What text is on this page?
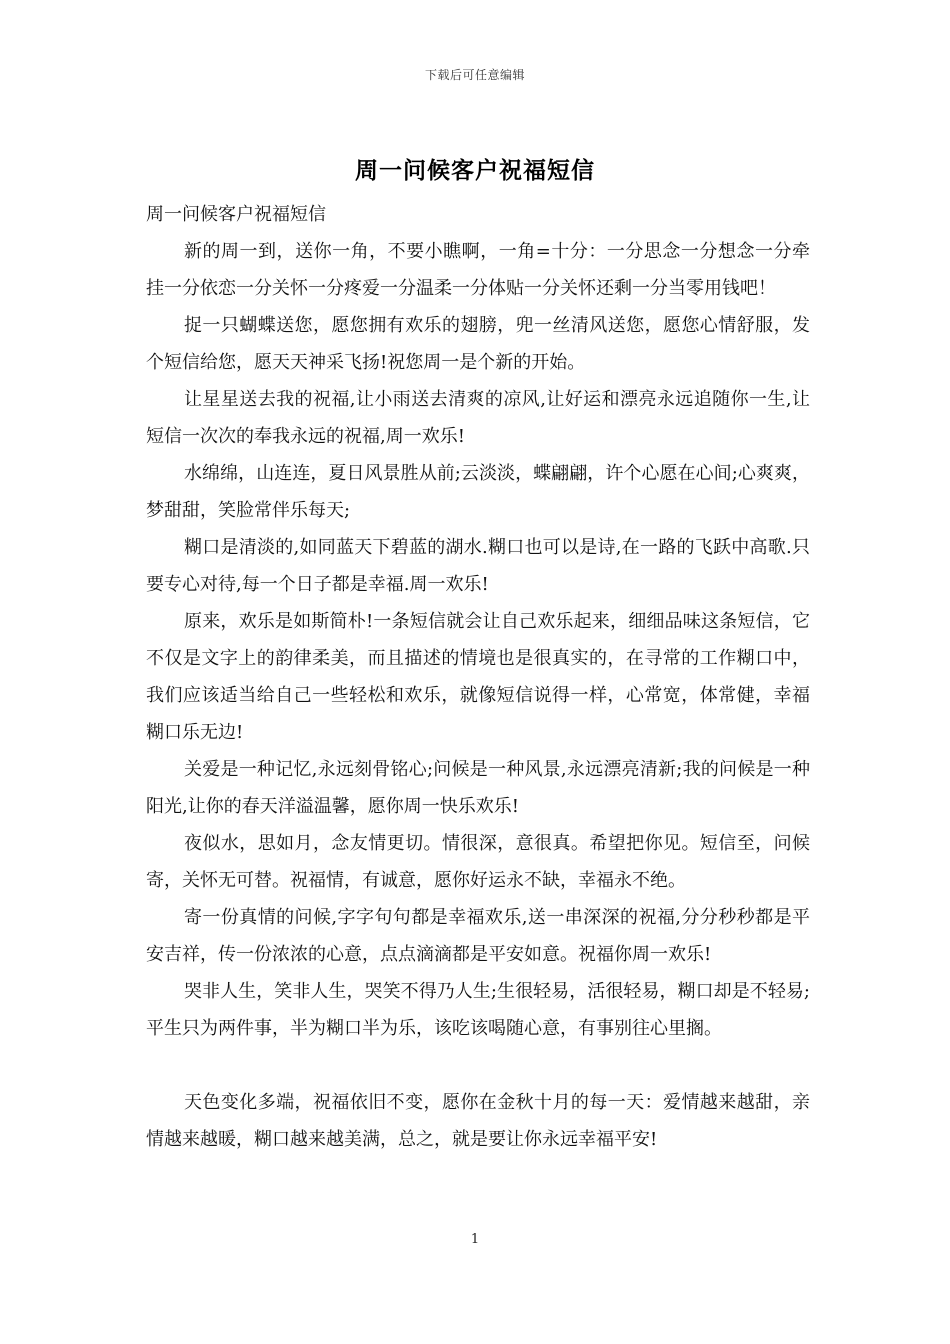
下载后可任意编辑
周一问候客户祝福短信

周一问候客户祝福短信

新的周一到，送你一角，不要小瞧啊，一角=十分：一分思念一分想念一分牵挂一分依恋一分关怀一分疼爱一分温柔一分体贴一分关怀还剩一分当零用钱吧！

捉一只蝴蝶送您，愿您拥有欢乐的翅膀，兜一丝清风送您，愿您心情舒服，发个短信给您，愿天天神采飞扬!祝您周一是个新的开始。

让星星送去我的祝福,让小雨送去清爽的凉风,让好运和漂亮永远追随你一生,让短信一次次的奉我永远的祝福,周一欢乐!

水绵绵，山连连，夏日风景胜从前;云淡淡，蝶翩翩，许个心愿在心间;心爽爽，梦甜甜，笑脸常伴乐每天;

糊口是清淡的,如同蓝天下碧蓝的湖水.糊口也可以是诗,在一路的飞跃中高歌.只要专心对待,每一个日子都是幸福.周一欢乐!

原来，欢乐是如斯简朴!一条短信就会让自己欢乐起来，细细品味这条短信，它不仅是文字上的韵律柔美，而且描述的情境也是很真实的，在寻常的工作糊口中，我们应该适当给自己一些轻松和欢乐，就像短信说得一样，心常宽，体常健，幸福糊口乐无边!

关爱是一种记忆,永远刻骨铭心;问候是一种风景,永远漂亮清新;我的问候是一种阳光,让你的春天洋溢温馨，愿你周一快乐欢乐!

夜似水，思如月，念友情更切。情很深，意很真。希望把你见。短信至，问候寄，关怀无可替。祝福情，有诚意，愿你好运永不缺，幸福永不绝。

寄一份真情的问候,字字句句都是幸福欢乐,送一串深深的祝福,分分秒秒都是平安吉祥，传一份浓浓的心意，点点滴滴都是平安如意。祝福你周一欢乐!

哭非人生，笑非人生，哭笑不得乃人生;生很轻易，活很轻易，糊口却是不轻易;平生只为两件事，半为糊口半为乐，该吃该喝随心意，有事别往心里搁。

天色变化多端，祝福依旧不变，愿你在金秋十月的每一天：爱情越来越甜，亲情越来越暖，糊口越来越美满，总之，就是要让你永远幸福平安!

1
